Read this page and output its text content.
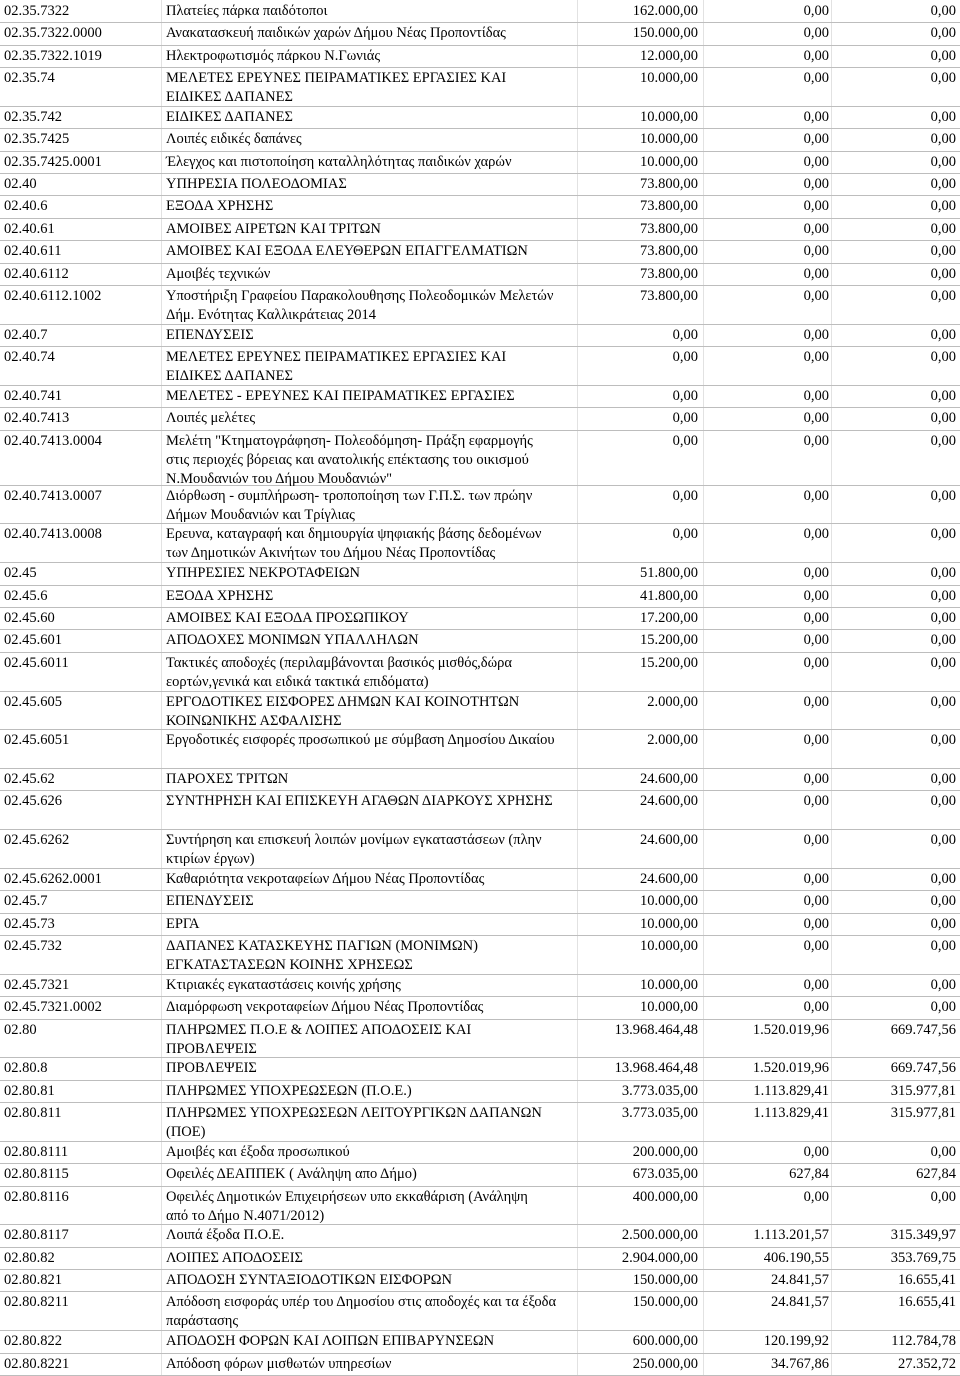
02.35.7322	Πλατείες πάρκα παιδότοποι	162.000,00	0,00	0,00
02.35.7322.0000	Ανακατασκευή παιδικών χαρών Δήμου Νέας Προποντίδας	150.000,00	0,00	0,00
02.35.7322.1019	Ηλεκτροφωτισμός πάρκου Ν.Γωνιάς	12.000,00	0,00	0,00
02.35.74	ΜΕΛΕΤΕΣ ΕΡΕΥΝΕΣ ΠΕΙΡΑΜΑΤΙΚΕΣ ΕΡΓΑΣΙΕΣ ΚΑΙ
ΕΙΔΙΚΕΣ ΔΑΠΑΝΕΣ
10.000,00	0,00	0,00
02.35.742	ΕΙΔΙΚΕΣ ΔΑΠΑΝΕΣ	10.000,00	0,00	0,00
02.35.7425	Λοιπές ειδικές δαπάνες	10.000,00	0,00	0,00
02.35.7425.0001	Έλεγχος και πιστοποίηση καταλληλότητας παιδικών χαρών	10.000,00	0,00	0,00
02.40	ΥΠΗΡΕΣΙΑ ΠΟΛΕΟΔΟΜΙΑΣ	73.800,00	0,00	0,00
02.40.6	ΕΞΟΔΑ ΧΡΗΣΗΣ	73.800,00	0,00	0,00
02.40.61	ΑΜΟΙΒΕΣ ΑΙΡΕΤΩΝ ΚΑΙ ΤΡΙΤΩΝ	73.800,00	0,00	0,00
02.40.611	ΑΜΟΙΒΕΣ ΚΑΙ ΕΞΟΔΑ ΕΛΕΥΘΕΡΩΝ ΕΠΑΓΓΕΛΜΑΤΙΩΝ	73.800,00	0,00	0,00
02.40.6112	Αμοιβές τεχνικών	73.800,00	0,00	0,00
02.40.6112.1002	Υποστήριξη Γραφείου Παρακολουθησης Πολεοδομικών Μελετών
Δήμ. Ενότητας Καλλικράτειας 2014
73.800,00	0,00	0,00
02.40.7	ΕΠΕΝΔΥΣΕΙΣ	0,00	0,00	0,00
02.40.74	ΜΕΛΕΤΕΣ ΕΡΕΥΝΕΣ ΠΕΙΡΑΜΑΤΙΚΕΣ ΕΡΓΑΣΙΕΣ ΚΑΙ
ΕΙΔΙΚΕΣ ΔΑΠΑΝΕΣ
0,00	0,00	0,00
02.40.741	ΜΕΛΕΤΕΣ - ΕΡΕΥΝΕΣ ΚΑΙ ΠΕΙΡΑΜΑΤΙΚΕΣ ΕΡΓΑΣΙΕΣ	0,00	0,00	0,00
02.40.7413	Λοιπές μελέτες	0,00	0,00	0,00
02.40.7413.0004	Μελέτη "Κτηματογράφηση- Πολεοδόμηση- Πράξη εφαρμογής
στις περιοχές βόρειας και ανατολικής επέκτασης του οικισμού
Ν.Μουδανιών του Δήμου Μουδανιών"
0,00	0,00	0,00
02.40.7413.0007	Διόρθωση - συμπλήρωση- τροποποίηση των Γ.Π.Σ. των πρώην
Δήμων Μουδανιών και Τρίγλιας
0,00	0,00	0,00
02.40.7413.0008	Ερευνα, καταγραφή και δημιουργία ψηφιακής βάσης δεδομένων
των Δημοτικών Ακινήτων του Δήμου Νέας Προποντίδας
0,00	0,00	0,00
02.45	ΥΠΗΡΕΣΙΕΣ ΝΕΚΡΟΤΑΦΕΙΩΝ	51.800,00	0,00	0,00
02.45.6	ΕΞΟΔΑ ΧΡΗΣΗΣ	41.800,00	0,00	0,00
02.45.60	ΑΜΟΙΒΕΣ ΚΑΙ ΕΞΟΔΑ ΠΡΟΣΩΠΙΚΟΥ	17.200,00	0,00	0,00
02.45.601	ΑΠΟΔΟΧΕΣ ΜΟΝΙΜΩΝ ΥΠΑΛΛΗΛΩΝ	15.200,00	0,00	0,00
02.45.6011	Τακτικές αποδοχές (περιλαμβάνονται βασικός μισθός,δώρα
εορτών,γενικά και ειδικά τακτικά επιδόματα)
15.200,00	0,00	0,00
02.45.605	ΕΡΓΟΔΟΤΙΚΕΣ ΕΙΣΦΟΡΕΣ ΔΗΜΩΝ ΚΑΙ ΚΟΙΝΟΤΗΤΩΝ
ΚΟΙΝΩΝΙΚΗΣ ΑΣΦΑΛΙΣΗΣ
2.000,00	0,00	0,00
02.45.6051	Εργοδοτικές εισφορές προσωπικού με σύμβαση Δημοσίου Δικαίου	2.000,00	0,00	0,00
02.45.62	ΠΑΡΟΧΕΣ ΤΡΙΤΩΝ	24.600,00	0,00	0,00
02.45.626	ΣΥΝΤΗΡΗΣΗ ΚΑΙ ΕΠΙΣΚΕΥΗ ΑΓΑΘΩΝ ΔΙΑΡΚΟΥΣ ΧΡΗΣΗΣ	24.600,00	0,00	0,00
02.45.6262	Συντήρηση και επισκευή λοιπών μονίμων εγκαταστάσεων (πλην
κτιρίων έργων)
24.600,00	0,00	0,00
02.45.6262.0001	Καθαριότητα νεκροταφείων Δήμου Νέας Προποντίδας	24.600,00	0,00	0,00
02.45.7	ΕΠΕΝΔΥΣΕΙΣ	10.000,00	0,00	0,00
02.45.73	ΕΡΓΑ	10.000,00	0,00	0,00
02.45.732	ΔΑΠΑΝΕΣ ΚΑΤΑΣΚΕΥΗΣ ΠΑΓΙΩΝ (ΜΟΝΙΜΩΝ)
ΕΓΚΑΤΑΣΤΑΣΕΩΝ ΚΟΙΝΗΣ ΧΡΗΣΕΩΣ
10.000,00	0,00	0,00
02.45.7321	Κτιριακές εγκαταστάσεις κοινής χρήσης	10.000,00	0,00	0,00
02.45.7321.0002	Διαμόρφωση νεκροταφείων Δήμου Νέας Προποντίδας	10.000,00	0,00	0,00
02.80	ΠΛΗΡΩΜΕΣ Π.Ο.Ε & ΛΟΙΠΕΣ ΑΠΟΔΟΣΕΙΣ ΚΑΙ
ΠΡΟΒΛΕΨΕΙΣ
13.968.464,48	1.520.019,96	669.747,56
02.80.8	ΠΡΟΒΛΕΨΕΙΣ	13.968.464,48	1.520.019,96	669.747,56
02.80.81	ΠΛΗΡΩΜΕΣ ΥΠΟΧΡΕΩΣΕΩΝ (Π.Ο.Ε.)	3.773.035,00	1.113.829,41	315.977,81
02.80.811	ΠΛΗΡΩΜΕΣ ΥΠΟΧΡΕΩΣΕΩΝ ΛΕΙΤΟΥΡΓΙΚΩΝ ΔΑΠΑΝΩΝ
(ΠΟΕ)
3.773.035,00	1.113.829,41	315.977,81
02.80.8111	Αμοιβές και έξοδα προσωπικού	200.000,00	0,00	0,00
02.80.8115	Οφειλές ΔΕΑΠΠΕΚ ( Ανάληψη απο Δήμο)	673.035,00	627,84	627,84
02.80.8116	Οφειλές Δημοτικών Επιχειρήσεων υπο εκκαθάριση (Ανάληψη
από το Δήμο Ν.4071/2012)
400.000,00	0,00	0,00
02.80.8117	Λοιπά έξοδα Π.Ο.Ε.	2.500.000,00	1.113.201,57	315.349,97
02.80.82	ΛΟΙΠΕΣ ΑΠΟΔΟΣΕΙΣ	2.904.000,00	406.190,55	353.769,75
02.80.821	ΑΠΟΔΟΣΗ ΣΥΝΤΑΞΙΟΔΟΤΙΚΩΝ ΕΙΣΦΟΡΩΝ	150.000,00	24.841,57	16.655,41
02.80.8211	Απόδοση εισφοράς υπέρ του Δημοσίου στις αποδοχές και τα έξοδα
παράστασης
150.000,00	24.841,57	16.655,41
02.80.822	ΑΠΟΔΟΣΗ ΦΟΡΩΝ ΚΑΙ ΛΟΙΠΩΝ ΕΠΙΒΑΡΥΝΣΕΩΝ	600.000,00	120.199,92	112.784,78
02.80.8221	Απόδοση φόρων μισθωτών υπηρεσίων	250.000,00	34.767,86	27.352,72
